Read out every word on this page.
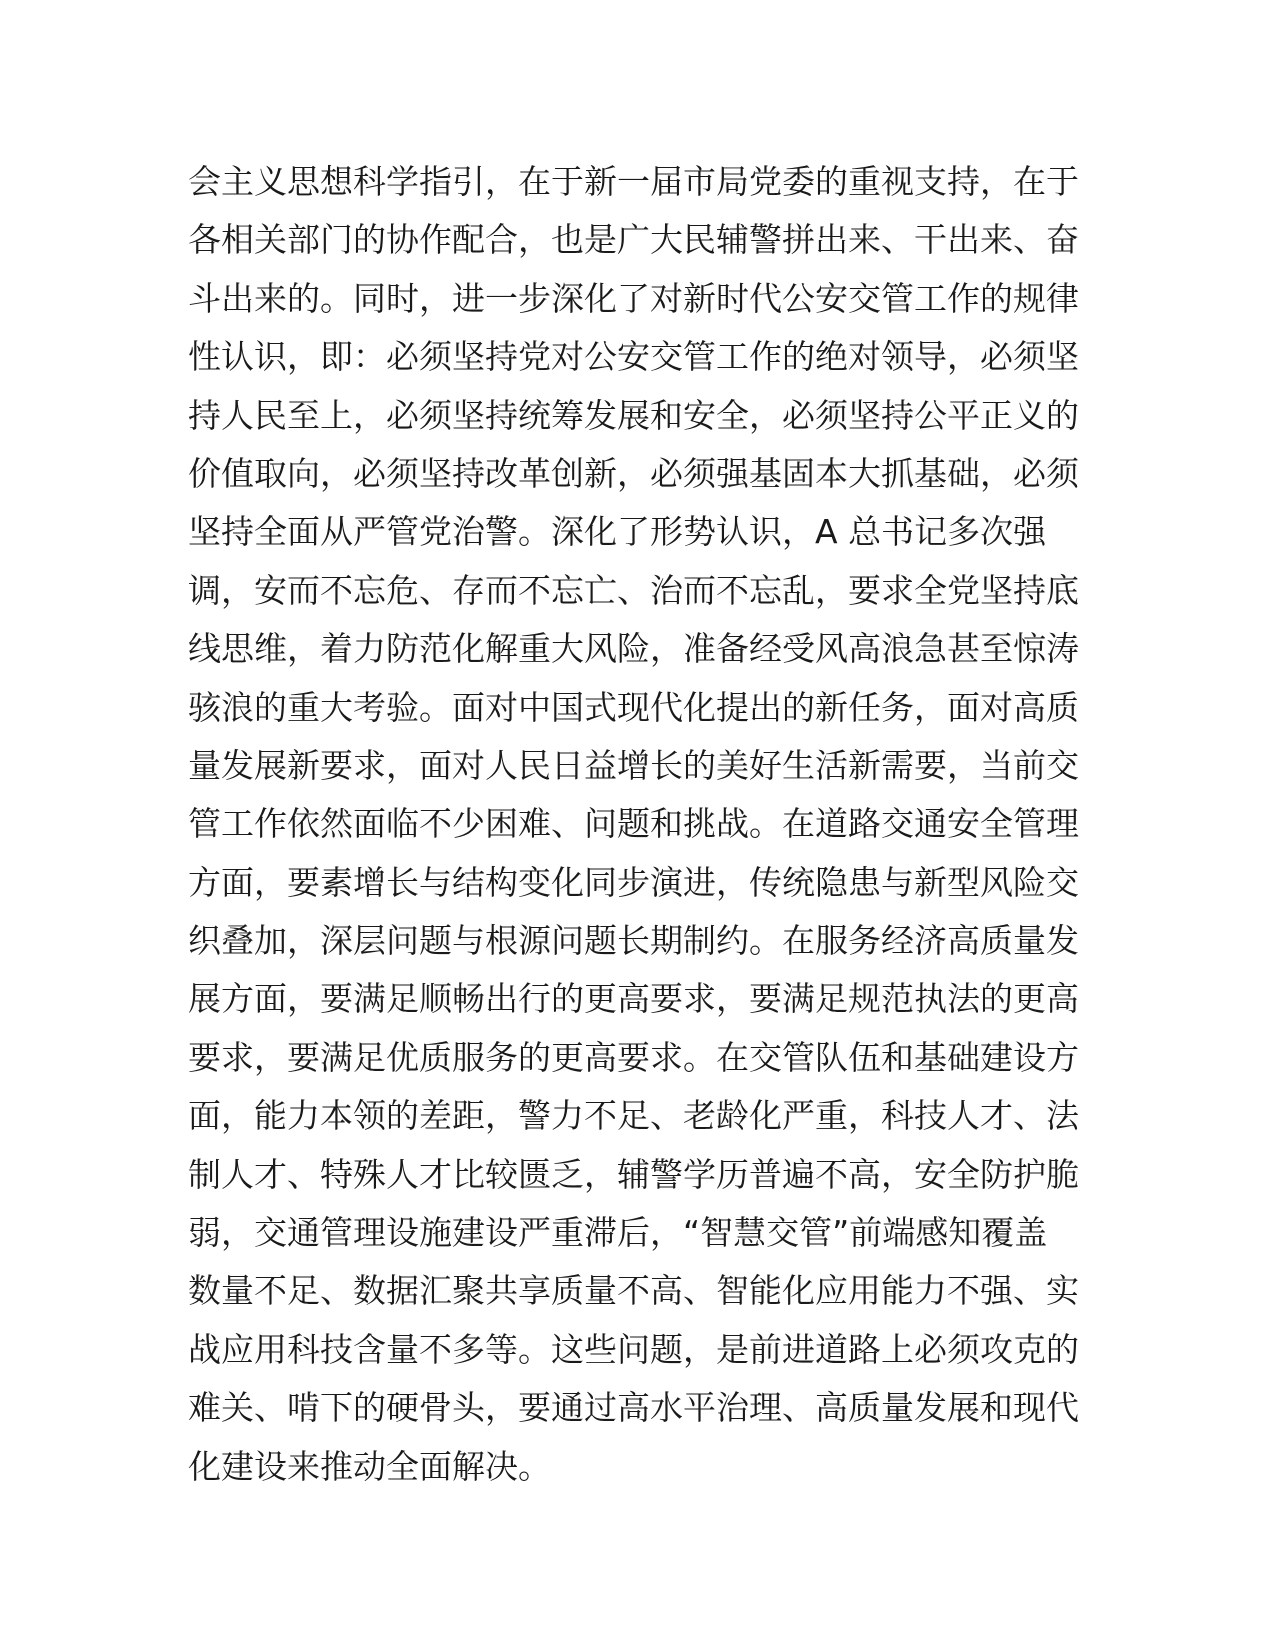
会主义思想科学指引，在于新一届市局党委的重视支持，在于
各相关部门的协作配合，也是广大民辅警拼出来、干出来、奋
斗出来的。同时，进一步深化了对新时代公安交管工作的规律
性认识，即：必须坚持党对公安交管工作的绝对领导，必须坚
持人民至上，必须坚持统筹发展和安全，必须坚持公平正义的
价值取向，必须坚持改革创新，必须强基固本大抓基础，必须
坚持全面从严管党治警。深化了形势认识，A 总书记多次强
调，安而不忘危、存而不忘亡、治而不忘乱，要求全党坚持底
线思维，着力防范化解重大风险，准备经受风高浪急甚至惊涛
骇浪的重大考验。面对中国式现代化提出的新任务，面对高质
量发展新要求，面对人民日益增长的美好生活新需要，当前交
管工作依然面临不少困难、问题和挑战。在道路交通安全管理
方面，要素增长与结构变化同步演进，传统隐患与新型风险交
织叠加，深层问题与根源问题长期制约。在服务经济高质量发
展方面，要满足顺畅出行的更高要求，要满足规范执法的更高
要求，要满足优质服务的更高要求。在交管队伍和基础建设方
面，能力本领的差距，警力不足、老龄化严重，科技人才、法
制人才、特殊人才比较匮乏，辅警学历普遍不高，安全防护脆
弱，交通管理设施建设严重滞后，“智慧交管”前端感知覆盖
数量不足、数据汇聚共享质量不高、智能化应用能力不强、实
战应用科技含量不多等。这些问题，是前进道路上必须攻克的
难关、啃下的硬骨头，要通过高水平治理、高质量发展和现代
化建设来推动全面解决。
